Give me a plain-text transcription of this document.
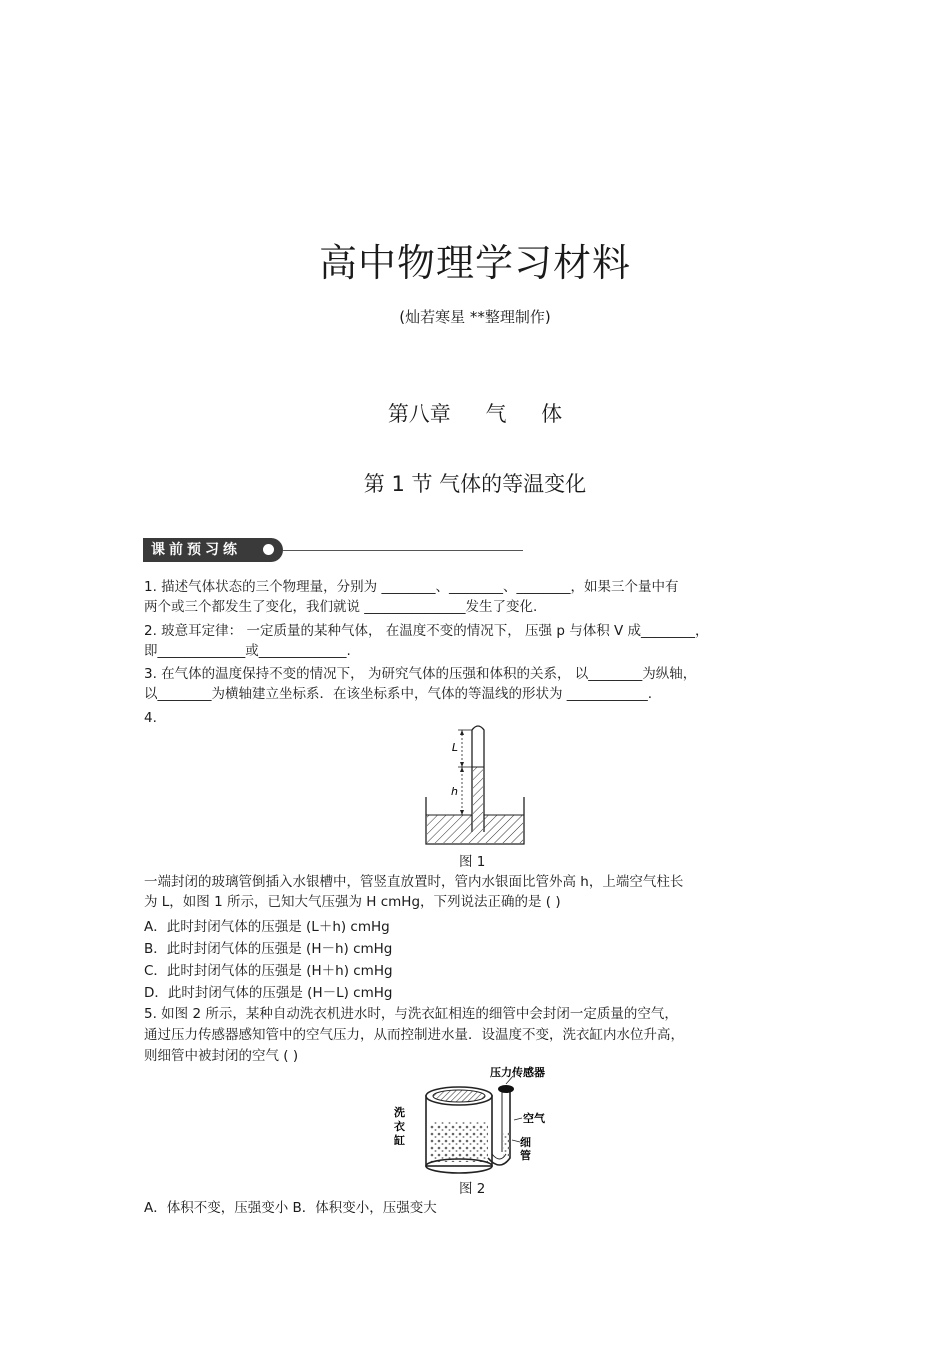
高中物理学习材料
(灿若寒星 **整理制作)
第八章 气 体
第 1 节 气体的等温变化
课前预习练
1. 描述气体状态的三个物理量，分别为 ________、________、________，如果三个量中有
两个或三个都发生了变化，我们就说 _______________发生了变化.
2. 玻意耳定律： 一定质量的某种气体， 在温度不变的情况下， 压强 p 与体积 V 成________，
即_____________或_____________.
3. 在气体的温度保持不变的情况下， 为研究气体的压强和体积的关系， 以________为纵轴，
以________为横轴建立坐标系．在该坐标系中，气体的等温线的形状为 ____________.
4.
L
h
图 1
一端封闭的玻璃管倒插入水银槽中，管竖直放置时，管内水银面比管外高 h，上端空气柱长
为 L，如图 1 所示，已知大气压强为 H cmHg，下列说法正确的是 ( )
A．此时封闭气体的压强是 (L＋h) cmHg
B．此时封闭气体的压强是 (H－h) cmHg
C．此时封闭气体的压强是 (H＋h) cmHg
D．此时封闭气体的压强是 (H－L) cmHg
5. 如图 2 所示，某种自动洗衣机进水时，与洗衣缸相连的细管中会封闭一定质量的空气，
通过压力传感器感知管中的空气压力，从而控制进水量．设温度不变，洗衣缸内水位升高，
则细管中被封闭的空气 ( )
压力传感器
洗
衣
缸
空气
细
管
图 2
A．体积不变，压强变小 B．体积变小，压强变大
